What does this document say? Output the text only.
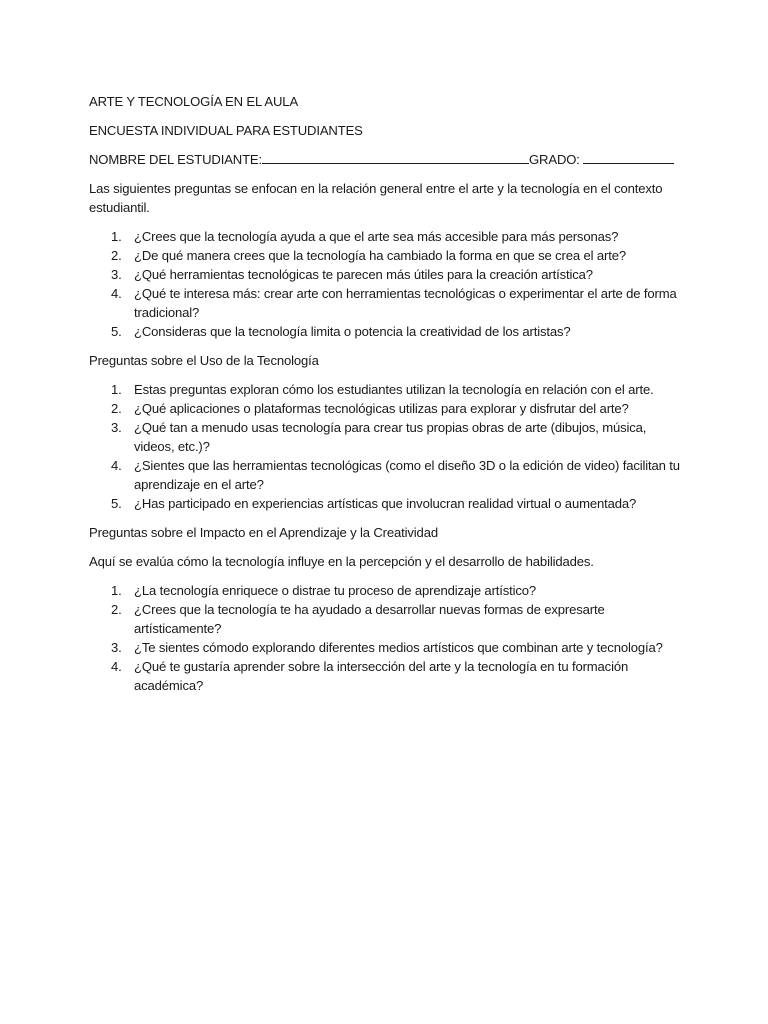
ARTE Y TECNOLOGÍA EN EL AULA
ENCUESTA INDIVIDUAL PARA ESTUDIANTES
NOMBRE DEL ESTUDIANTE:	GRADO:

Las siguientes preguntas se enfocan en la relación general entre el arte y la tecnología en el contexto estudiantil.

1. ¿Crees que la tecnología ayuda a que el arte sea más accesible para más personas?
2. ¿De qué manera crees que la tecnología ha cambiado la forma en que se crea el arte?
3. ¿Qué herramientas tecnológicas te parecen más útiles para la creación artística?
4. ¿Qué te interesa más: crear arte con herramientas tecnológicas o experimentar el arte de forma tradicional?
5. ¿Consideras que la tecnología limita o potencia la creatividad de los artistas?
Preguntas sobre el Uso de la Tecnología
1. Estas preguntas exploran cómo los estudiantes utilizan la tecnología en relación con el arte.
2. ¿Qué aplicaciones o plataformas tecnológicas utilizas para explorar y disfrutar del arte?
3. ¿Qué tan a menudo usas tecnología para crear tus propias obras de arte (dibujos, música, videos, etc.)?
4. ¿Sientes que las herramientas tecnológicas (como el diseño 3D o la edición de video) facilitan tu aprendizaje en el arte?
5. ¿Has participado en experiencias artísticas que involucran realidad virtual o aumentada?
Preguntas sobre el Impacto en el Aprendizaje y la Creatividad

Aquí se evalúa cómo la tecnología influye en la percepción y el desarrollo de habilidades.

1. ¿La tecnología enriquece o distrae tu proceso de aprendizaje artístico?
2. ¿Crees que la tecnología te ha ayudado a desarrollar nuevas formas de expresarte artísticamente?
3. ¿Te sientes cómodo explorando diferentes medios artísticos que combinan arte y tecnología?
4. ¿Qué te gustaría aprender sobre la intersección del arte y la tecnología en tu formación académica?
